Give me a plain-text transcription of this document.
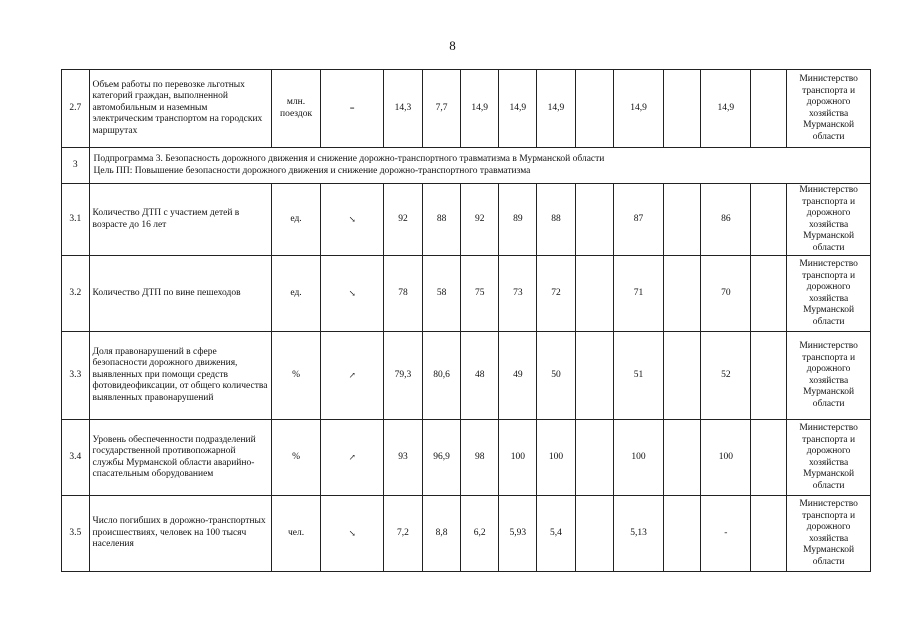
8
2.7	Объем работы по перевозке льготных категорий граждан, выполненной автомобильным и наземным электрическим транспортом на городских маршрутах	млн. поездок	=	14,3	7,7	14,9	14,9	14,9		14,9		14,9		Министерство транспорта и дорожного хозяйства Мурманской области
3	Подпрограмма 3. Безопасность дорожного движения и снижение дорожно-транспортного травматизма в Мурманской области
Цель ПП: Повышение безопасности дорожного движения и снижение дорожно-транспортного травматизма													

3.1	Количество ДТП с участием детей в возрасте до 16 лет	ед.	↘	92	88	92	89	88		87		86		Министерство транспорта и дорожного хозяйства Мурманской области
3.2	Количество ДТП по вине пешеходов	ед.	↘	78	58	75	73	72		71		70		Министерство транспорта и дорожного хозяйства Мурманской области
3.3	Доля правонарушений в сфере безопасности дорожного движения, выявленных при помощи средств фотовидеофиксации, от общего количества выявленных правонарушений	%	↗	79,3	80,6	48	49	50		51		52		Министерство транспорта и дорожного хозяйства Мурманской области
3.4	Уровень обеспеченности подразделений государственной противопожарной службы Мурманской области аварийно-спасательным оборудованием	%	↗	93	96,9	98	100	100		100		100		Министерство транспорта и дорожного хозяйства Мурманской области
3.5	Число погибших в дорожно-транспортных происшествиях, человек на 100 тысяч населения	чел.	↘	7,2	8,8	6,2	5,93	5,4		5,13		-		Министерство транспорта и дорожного хозяйства Мурманской области
